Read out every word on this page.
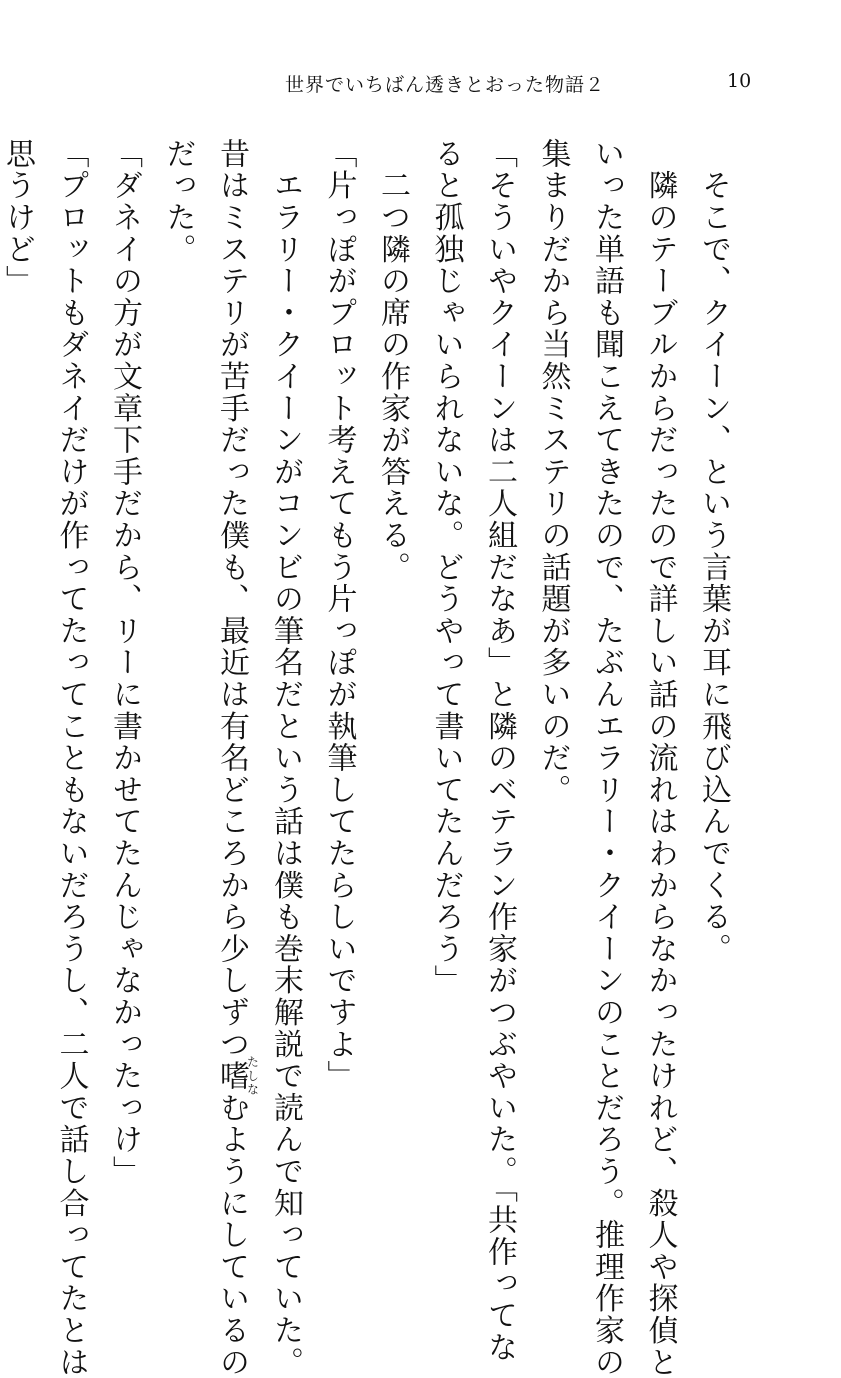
世界でいちばん透きとおった物語２	10
　そこで、クイーン、という言葉が耳に飛び込んでくる。
　隣のテーブルからだったので詳しい話の流れはわからなかったけれど、殺人や探偵と
いった単語も聞こえてきたので、たぶんエラリー・クイーンのことだろう。推理作家の
集まりだから当然ミステリの話題が多いのだ。
「そういやクイーンは二人組だなあ」と隣のベテラン作家がつぶやいた。「共作ってな
ると孤独じゃいられないな。どうやって書いてたんだろう」
　二つ隣の席の作家が答える。
「片っぽがプロット考えてもう片っぽが執筆してたらしいですよ」
　エラリー・クイーンがコンビの筆名だという話は僕も巻末解説で読んで知っていた。
昔はミステリが苦手だった僕も、最近は有名どころから少しずつ嗜たしなむようにしているの
だった。
「ダネイの方が文章下手だから、リーに書かせてたんじゃなかったっけ」
「プロットもダネイだけが作ってたってこともないだろうし、二人で話し合ってたとは
思うけど」
